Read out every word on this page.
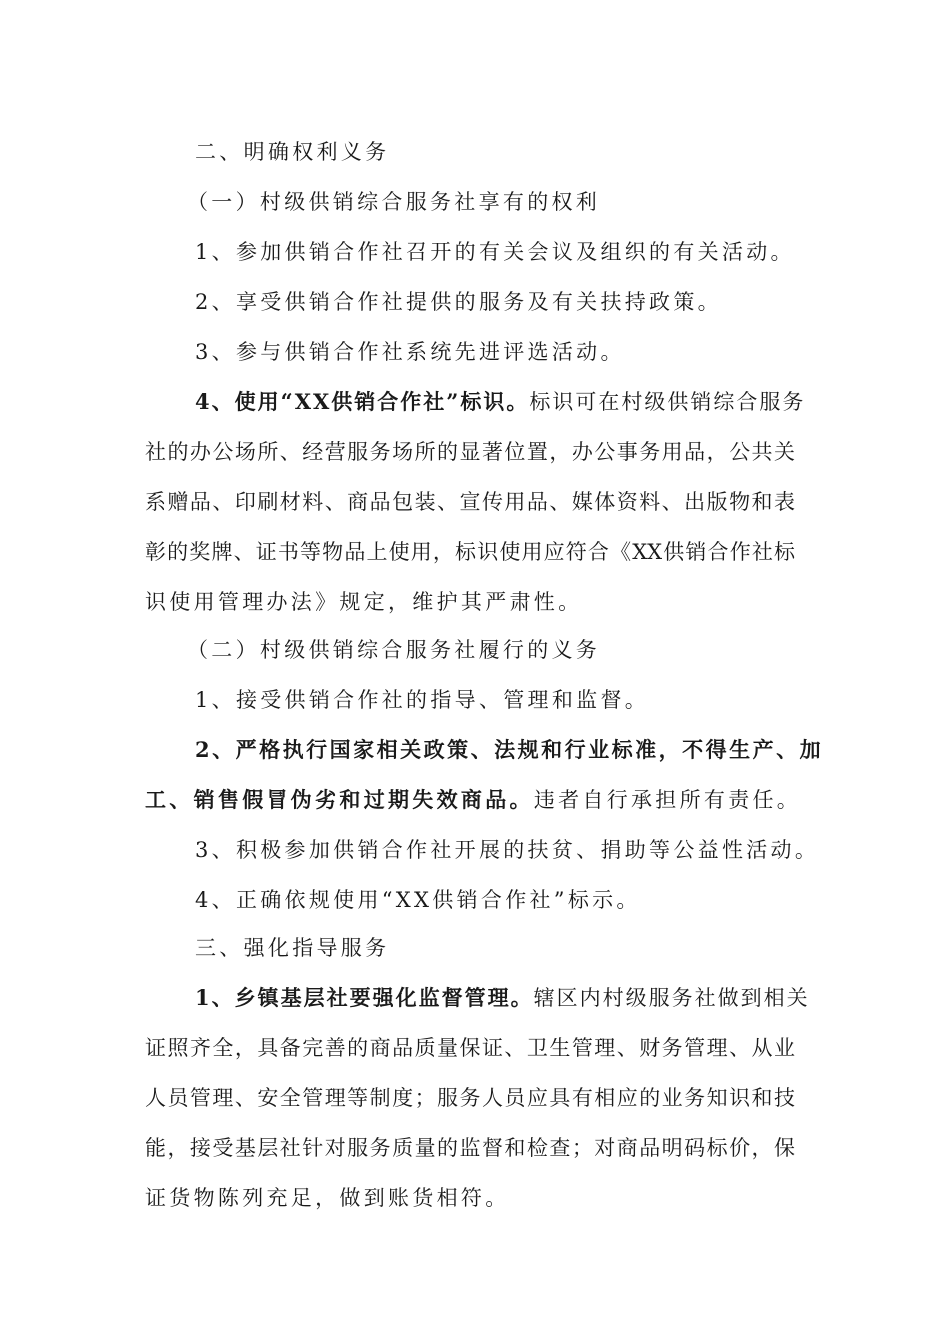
二、明确权利义务
（一）村级供销综合服务社享有的权利
1、参加供销合作社召开的有关会议及组织的有关活动。
2、享受供销合作社提供的服务及有关扶持政策。
3、参与供销合作社系统先进评选活动。
4、使用“XX供销合作社”标识。标识可在村级供销综合服务
社的办公场所、经营服务场所的显著位置，办公事务用品，公共关
系赠品、印刷材料、商品包装、宣传用品、媒体资料、出版物和表
彰的奖牌、证书等物品上使用，标识使用应符合《XX供销合作社标
识使用管理办法》规定，维护其严肃性。
（二）村级供销综合服务社履行的义务
1、接受供销合作社的指导、管理和监督。
2、严格执行国家相关政策、法规和行业标准，不得生产、加
工、销售假冒伪劣和过期失效商品。违者自行承担所有责任。
3、积极参加供销合作社开展的扶贫、捐助等公益性活动。
4、正确依规使用“XX供销合作社”标示。
三、强化指导服务
1、乡镇基层社要强化监督管理。辖区内村级服务社做到相关
证照齐全，具备完善的商品质量保证、卫生管理、财务管理、从业
人员管理、安全管理等制度；服务人员应具有相应的业务知识和技
能，接受基层社针对服务质量的监督和检查；对商品明码标价，保
证货物陈列充足，做到账货相符。
